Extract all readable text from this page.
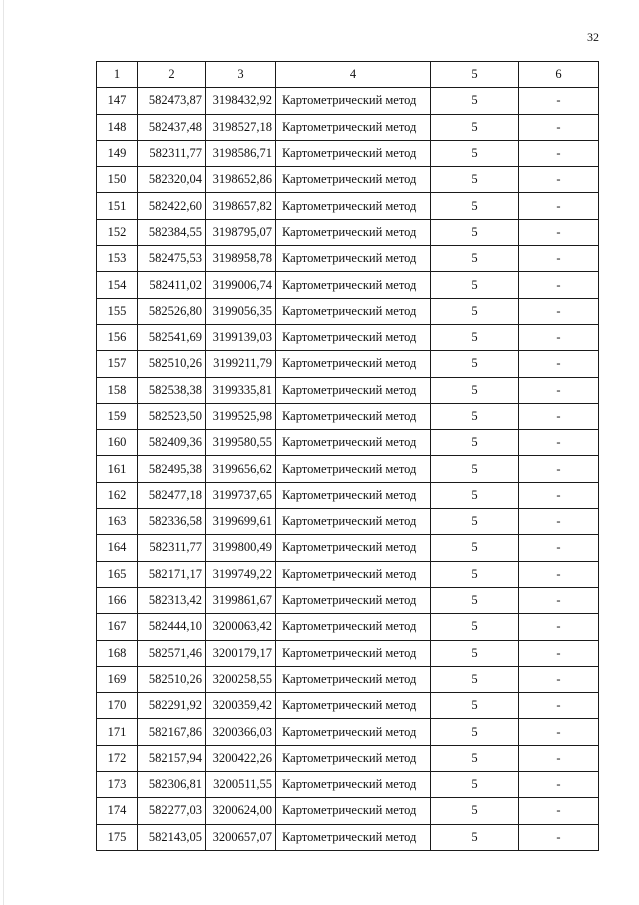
32
1	2	3	4	5	6
147	582473,87	3198432,92	Картометрический метод	5	-
148	582437,48	3198527,18	Картометрический метод	5	-
149	582311,77	3198586,71	Картометрический метод	5	-
150	582320,04	3198652,86	Картометрический метод	5	-
151	582422,60	3198657,82	Картометрический метод	5	-
152	582384,55	3198795,07	Картометрический метод	5	-
153	582475,53	3198958,78	Картометрический метод	5	-
154	582411,02	3199006,74	Картометрический метод	5	-
155	582526,80	3199056,35	Картометрический метод	5	-
156	582541,69	3199139,03	Картометрический метод	5	-
157	582510,26	3199211,79	Картометрический метод	5	-
158	582538,38	3199335,81	Картометрический метод	5	-
159	582523,50	3199525,98	Картометрический метод	5	-
160	582409,36	3199580,55	Картометрический метод	5	-
161	582495,38	3199656,62	Картометрический метод	5	-
162	582477,18	3199737,65	Картометрический метод	5	-
163	582336,58	3199699,61	Картометрический метод	5	-
164	582311,77	3199800,49	Картометрический метод	5	-
165	582171,17	3199749,22	Картометрический метод	5	-
166	582313,42	3199861,67	Картометрический метод	5	-
167	582444,10	3200063,42	Картометрический метод	5	-
168	582571,46	3200179,17	Картометрический метод	5	-
169	582510,26	3200258,55	Картометрический метод	5	-
170	582291,92	3200359,42	Картометрический метод	5	-
171	582167,86	3200366,03	Картометрический метод	5	-
172	582157,94	3200422,26	Картометрический метод	5	-
173	582306,81	3200511,55	Картометрический метод	5	-
174	582277,03	3200624,00	Картометрический метод	5	-
175	582143,05	3200657,07	Картометрический метод	5	-
